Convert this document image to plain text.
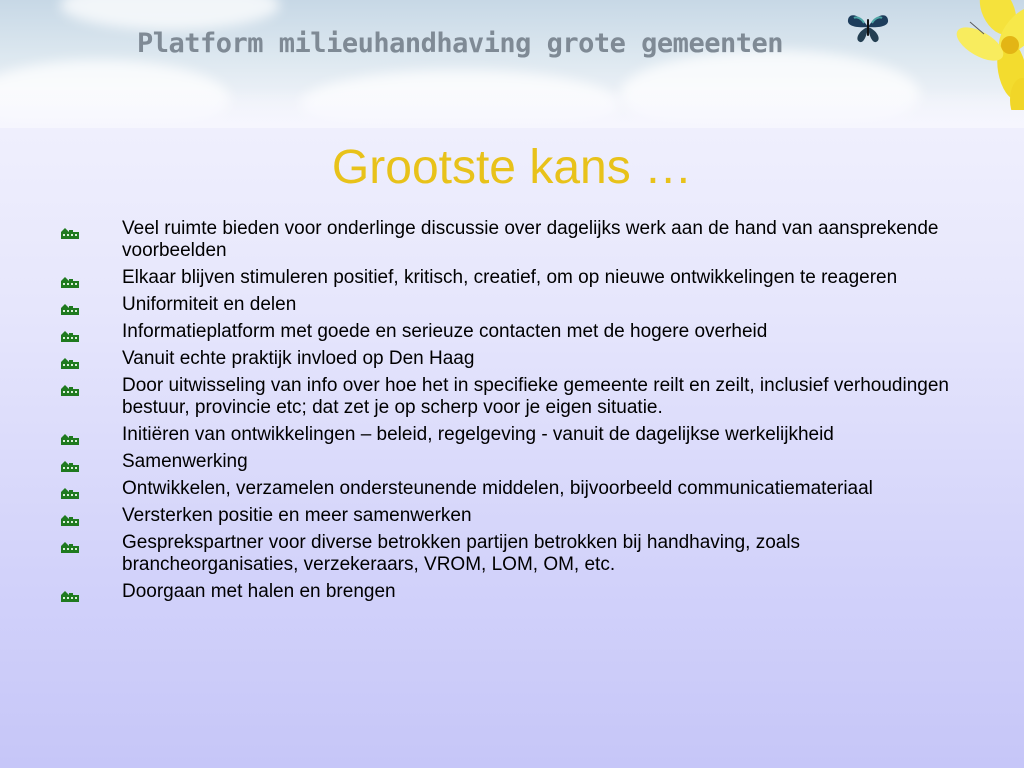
Platform milieuhandhaving grote gemeenten
Grootste kans …
Veel ruimte bieden voor onderlinge discussie over dagelijks werk aan de hand van aansprekende voorbeelden
Elkaar blijven stimuleren positief, kritisch, creatief, om op nieuwe ontwikkelingen te reageren
Uniformiteit en delen
Informatieplatform met goede en serieuze contacten met de hogere overheid
Vanuit echte praktijk invloed op Den Haag
Door uitwisseling van info over hoe het in specifieke gemeente reilt en zeilt, inclusief verhoudingen bestuur, provincie etc; dat zet je op scherp voor je eigen situatie.
Initiëren van ontwikkelingen – beleid, regelgeving - vanuit de dagelijkse werkelijkheid
Samenwerking
Ontwikkelen, verzamelen ondersteunende middelen, bijvoorbeeld communicatiemateriaal
Versterken positie en meer samenwerken
Gesprekspartner voor diverse betrokken partijen betrokken bij handhaving, zoals brancheorganisaties, verzekeraars, VROM, LOM, OM, etc.
Doorgaan met halen en brengen
